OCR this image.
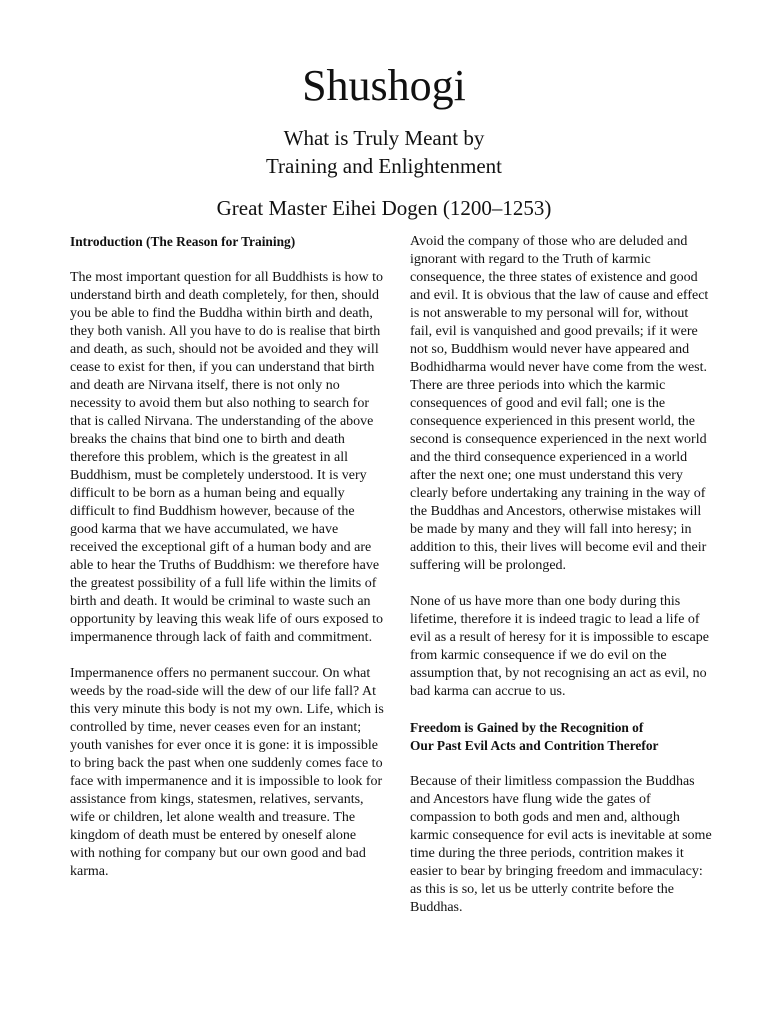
Shushogi
What is Truly Meant by
Training and Enlightenment
Great Master Eihei Dogen (1200–1253)
Introduction (The Reason for Training)

The most important question for all Buddhists is how to understand birth and death completely, for then, should you be able to find the Buddha within birth and death, they both vanish. All you have to do is realise that birth and death, as such, should not be avoided and they will cease to exist for then, if you can understand that birth and death are Nirvana itself, there is not only no necessity to avoid them but also nothing to search for that is called Nirvana. The understanding of the above breaks the chains that bind one to birth and death therefore this problem, which is the greatest in all Buddhism, must be completely understood. It is very difficult to be born as a human being and equally difficult to find Buddhism however, because of the good karma that we have accumulated, we have received the exceptional gift of a human body and are able to hear the Truths of Buddhism: we therefore have the greatest possibility of a full life within the limits of birth and death. It would be criminal to waste such an opportunity by leaving this weak life of ours exposed to impermanence through lack of faith and commitment.

Impermanence offers no permanent succour. On what weeds by the road-side will the dew of our life fall? At this very minute this body is not my own. Life, which is controlled by time, never ceases even for an instant; youth vanishes for ever once it is gone: it is impossible to bring back the past when one suddenly comes face to face with impermanence and it is impossible to look for assistance from kings, statesmen, relatives, servants, wife or children, let alone wealth and treasure. The kingdom of death must be entered by oneself alone with nothing for company but our own good and bad karma.

Avoid the company of those who are deluded and ignorant with regard to the Truth of karmic consequence, the three states of existence and good and evil. It is obvious that the law of cause and effect is not answerable to my personal will for, without fail, evil is vanquished and good prevails; if it were not so, Buddhism would never have appeared and Bodhidharma would never have come from the west. There are three periods into which the karmic consequences of good and evil fall; one is the consequence experienced in this present world, the second is consequence experienced in the next world and the third consequence experienced in a world after the next one; one must understand this very clearly before undertaking any training in the way of the Buddhas and Ancestors, otherwise mistakes will be made by many and they will fall into heresy; in addition to this, their lives will become evil and their suffering will be prolonged.

None of us have more than one body during this lifetime, therefore it is indeed tragic to lead a life of evil as a result of heresy for it is impossible to escape from karmic consequence if we do evil on the assumption that, by not recognising an act as evil, no bad karma can accrue to us.

Freedom is Gained by the Recognition of
Our Past Evil Acts and Contrition Therefor

Because of their limitless compassion the Buddhas and Ancestors have flung wide the gates of compassion to both gods and men and, although karmic consequence for evil acts is inevitable at some time during the three periods, contrition makes it easier to bear by bringing freedom and immaculacy: as this is so, let us be utterly contrite before the Buddhas.
